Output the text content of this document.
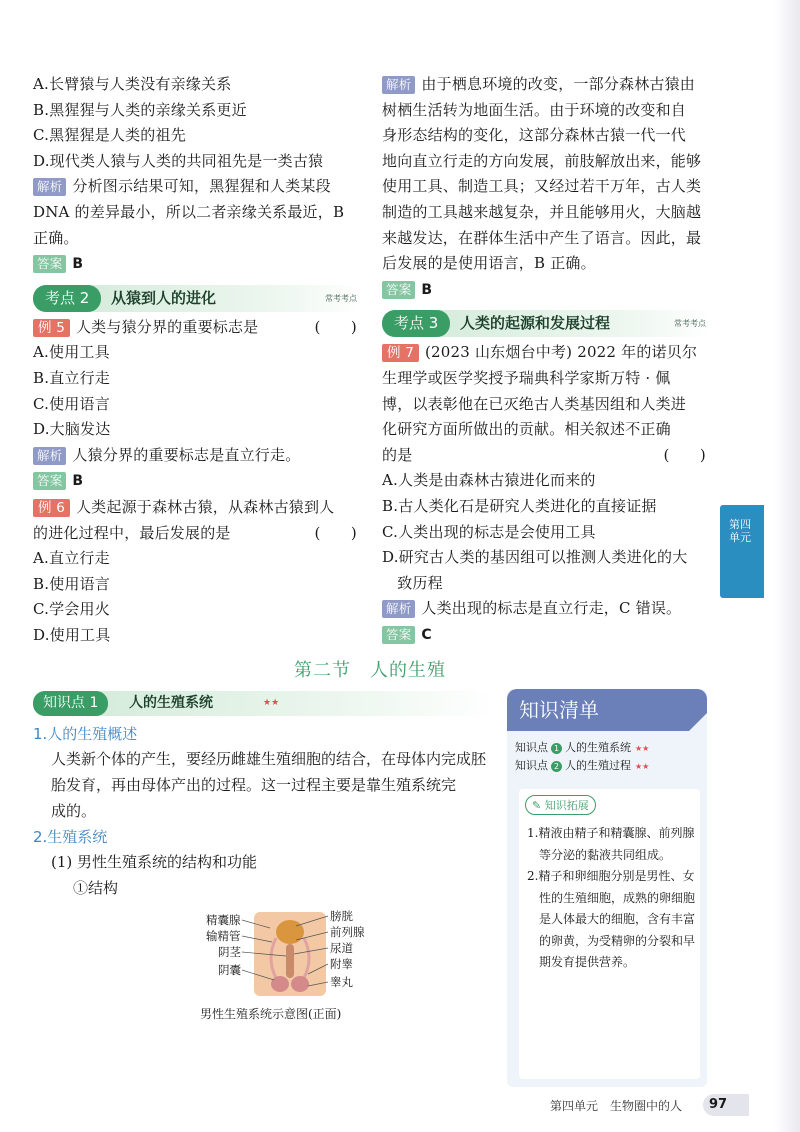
A.长臂猿与人类没有亲缘关系
B.黑猩猩与人类的亲缘关系更近
C.黑猩猩是人类的祖先
D.现代类人猿与人类的共同祖先是一类古猿
解析 分析图示结果可知，黑猩猩和人类某段
DNA 的差异最小，所以二者亲缘关系最近，B
正确。
答案 B
考点 2	从猿到人的进化	常考考点
例 5 人类与猿分界的重要标志是	(　　)
A.使用工具
B.直立行走
C.使用语言
D.大脑发达
解析 人猿分界的重要标志是直立行走。
答案 B
例 6 人类起源于森林古猿，从森林古猿到人
的进化过程中，最后发展的是	(　　)
A.直立行走
B.使用语言
C.学会用火
D.使用工具
解析 由于栖息环境的改变，一部分森林古猿由
树栖生活转为地面生活。由于环境的改变和自
身形态结构的变化，这部分森林古猿一代一代
地向直立行走的方向发展，前肢解放出来，能够
使用工具、制造工具；又经过若干万年，古人类
制造的工具越来越复杂，并且能够用火，大脑越
来越发达，在群体生活中产生了语言。因此，最
后发展的是使用语言，B 正确。
答案 B
考点 3	人类的起源和发展过程	常考考点
例 7 (2023 山东烟台中考) 2022 年的诺贝尔
生理学或医学奖授予瑞典科学家斯万特 · 佩
博，以表彰他在已灭绝古人类基因组和人类进
化研究方面所做出的贡献。相关叙述不正确
的是	(　　)
A.人类是由森林古猿进化而来的
B.古人类化石是研究人类进化的直接证据
C.人类出现的标志是会使用工具
D.研究古人类的基因组可以推测人类进化的大
　致历程
解析 人类出现的标志是直立行走，C 错误。
答案 C
第四
单元
第二节　人的生殖
知识点 1	人的生殖系统	★★
1.人的生殖概述
人类新个体的产生，要经历雌雄生殖细胞的结合，在母体内完成胚
胎发育，再由母体产出的过程。这一过程主要是靠生殖系统完
成的。
2.生殖系统
(1) 男性生殖系统的结构和功能
①结构
精囊腺
输精管
阴茎
阴囊
膀胱
前列腺
尿道
附睾
睾丸
男性生殖系统示意图(正面)
知识清单
知识点 1 人的生殖系统 ★★
知识点 2 人的生殖过程 ★★
✎ 知识拓展
1.精液由精子和精囊腺、前列腺
　等分泌的黏液共同组成。
2.精子和卵细胞分别是男性、女
　性的生殖细胞，成熟的卵细胞
　是人体最大的细胞，含有丰富
　的卵黄，为受精卵的分裂和早
　期发育提供营养。
第四单元　生物圈中的人	97
